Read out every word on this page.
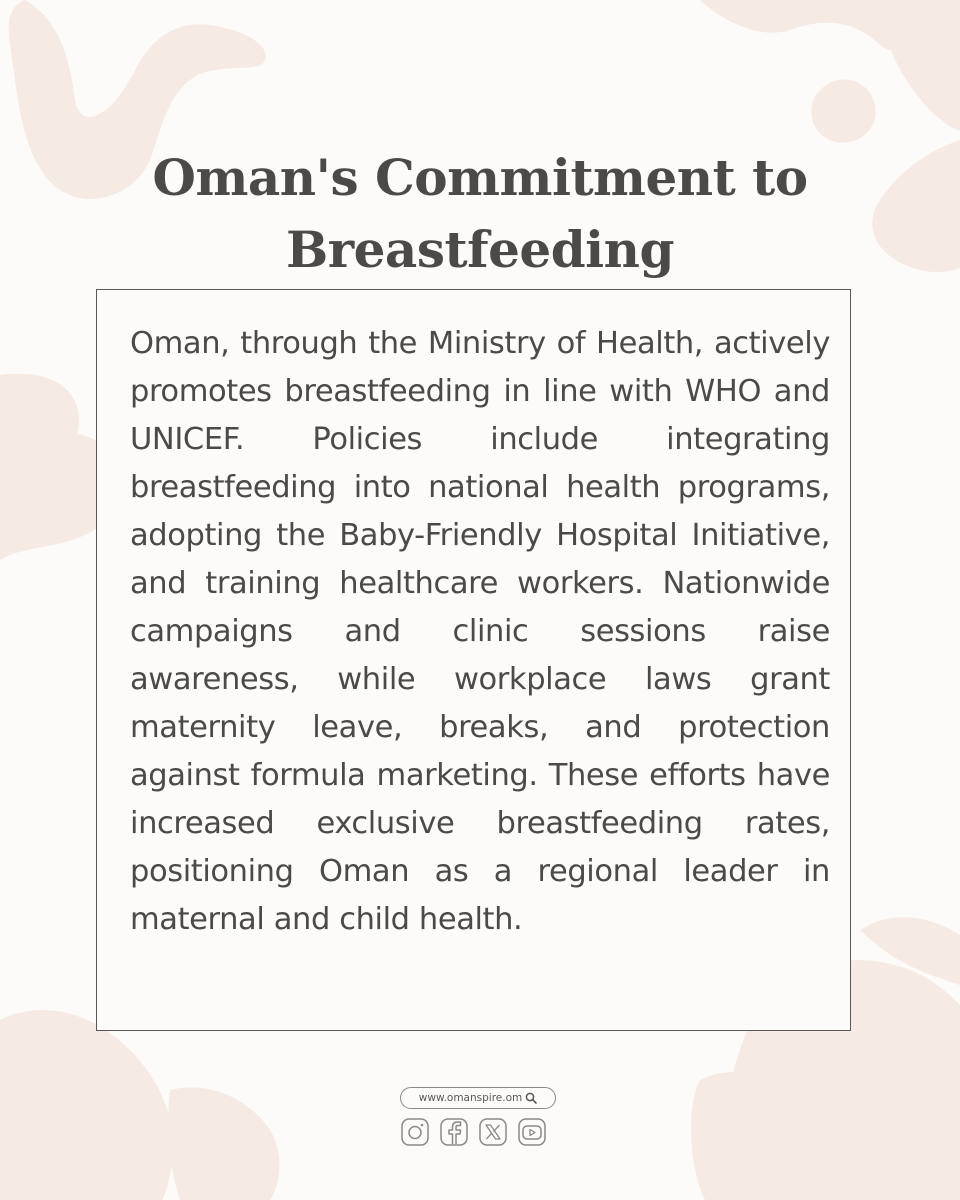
Oman's Commitment to Breastfeeding

Oman, through the Ministry of Health, actively promotes breastfeeding in line with WHO and UNICEF. Policies include integrating breastfeeding into national health programs, adopting the Baby-Friendly Hospital Initiative, and training healthcare workers. Nationwide campaigns and clinic sessions raise awareness, while workplace laws grant maternity leave, breaks, and protection against formula marketing. These efforts have increased exclusive breastfeeding rates, positioning Oman as a regional leader in maternal and child health.

www.omanspire.om
